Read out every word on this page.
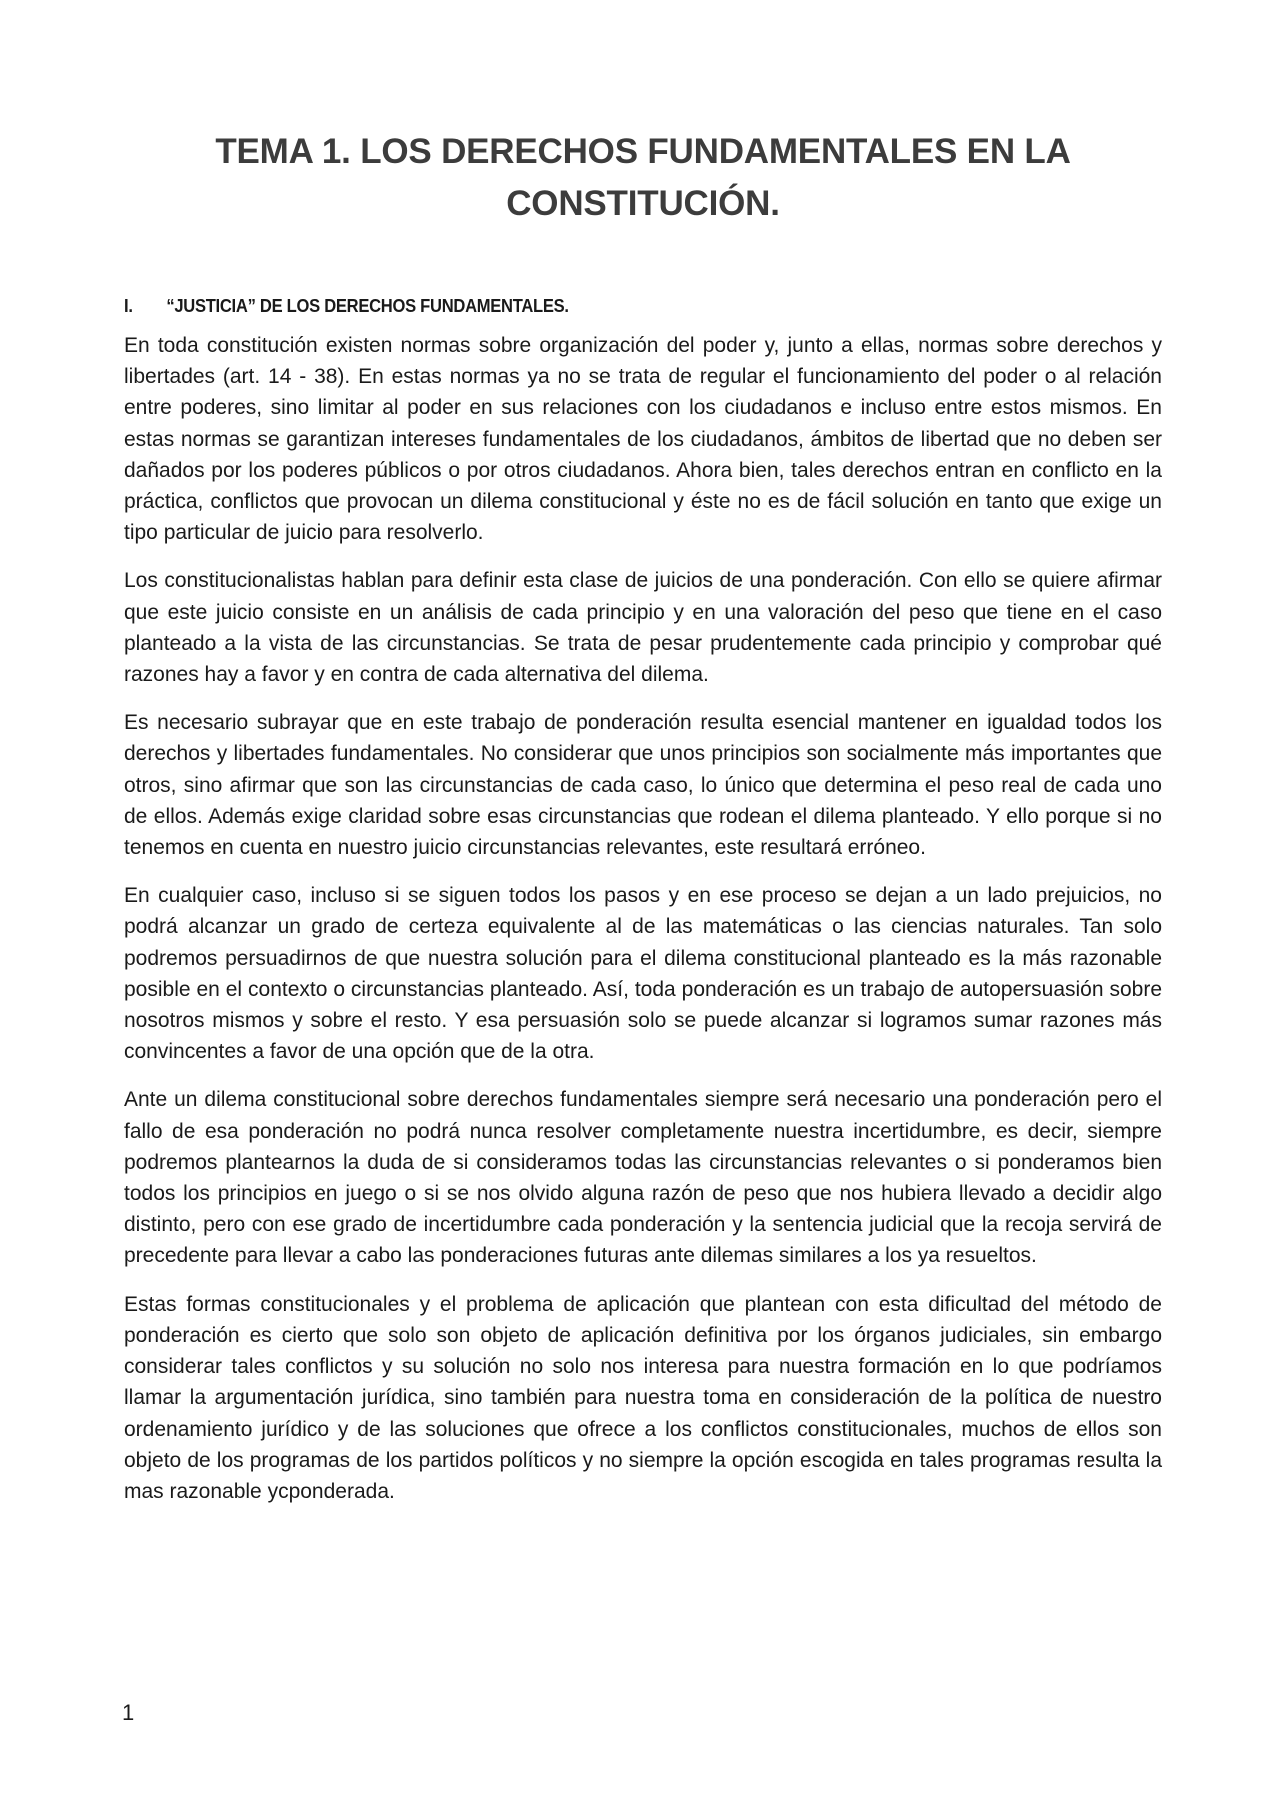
TEMA 1. LOS DERECHOS FUNDAMENTALES EN LA
CONSTITUCIÓN.
I.	“JUSTICIA” DE LOS DERECHOS FUNDAMENTALES.

En toda constitución existen normas sobre organización del poder y, junto a ellas, normas sobre derechos y libertades (art. 14 - 38). En estas normas ya no se trata de regular el funcionamiento del poder o al relación entre poderes, sino limitar al poder en sus relaciones con los ciudadanos e incluso entre estos mismos. En estas normas se garantizan intereses fundamentales de los ciudadanos, ámbitos de libertad que no deben ser dañados por los poderes públicos o por otros ciudadanos. Ahora bien, tales derechos entran en conflicto en la práctica, conflictos que provocan un dilema constitucional y éste no es de fácil solución en tanto que exige un tipo particular de juicio para resolverlo.

Los constitucionalistas hablan para definir esta clase de juicios de una ponderación. Con ello se quiere afirmar que este juicio consiste en un análisis de cada principio y en una valoración del peso que tiene en el caso planteado a la vista de las circunstancias. Se trata de pesar prudentemente cada principio y comprobar qué razones hay a favor y en contra de cada alternativa del dilema.

Es necesario subrayar que en este trabajo de ponderación resulta esencial mantener en igualdad todos los derechos y libertades fundamentales. No considerar que unos principios son socialmente más importantes que otros, sino afirmar que son las circunstancias de cada caso, lo único que determina el peso real de cada uno de ellos. Además exige claridad sobre esas circunstancias que rodean el dilema planteado. Y ello porque si no tenemos en cuenta en nuestro juicio circunstancias relevantes, este resultará erróneo.

En cualquier caso, incluso si se siguen todos los pasos y en ese proceso se dejan a un lado prejuicios, no podrá alcanzar un grado de certeza equivalente al de las matemáticas o las ciencias naturales. Tan solo podremos persuadirnos de que nuestra solución para el dilema constitucional planteado es la más razonable posible en el contexto o circunstancias planteado. Así, toda ponderación es un trabajo de autopersuasión sobre nosotros mismos y sobre el resto. Y esa persuasión solo se puede alcanzar si logramos sumar razones más convincentes a favor de una opción que de la otra.

Ante un dilema constitucional sobre derechos fundamentales siempre será necesario una ponderación pero el fallo de esa ponderación no podrá nunca resolver completamente nuestra incertidumbre, es decir, siempre podremos plantearnos la duda de si consideramos todas las circunstancias relevantes o si ponderamos bien todos los principios en juego o si se nos olvido alguna razón de peso que nos hubiera llevado a decidir algo distinto, pero con ese grado de incertidumbre cada ponderación y la sentencia judicial que la recoja servirá de precedente para llevar a cabo las ponderaciones futuras ante dilemas similares a los ya resueltos.

Estas formas constitucionales y el problema de aplicación que plantean con esta dificultad del método de ponderación es cierto que solo son objeto de aplicación definitiva por los órganos judiciales, sin embargo considerar tales conflictos y su solución no solo nos interesa para nuestra formación en lo que podríamos llamar la argumentación jurídica, sino también para nuestra toma en consideración de la política de nuestro ordenamiento jurídico y de las soluciones que ofrece a los conflictos constitucionales, muchos de ellos son objeto de los programas de los partidos políticos y no siempre la opción escogida en tales programas resulta la mas razonable ycponderada.

1
